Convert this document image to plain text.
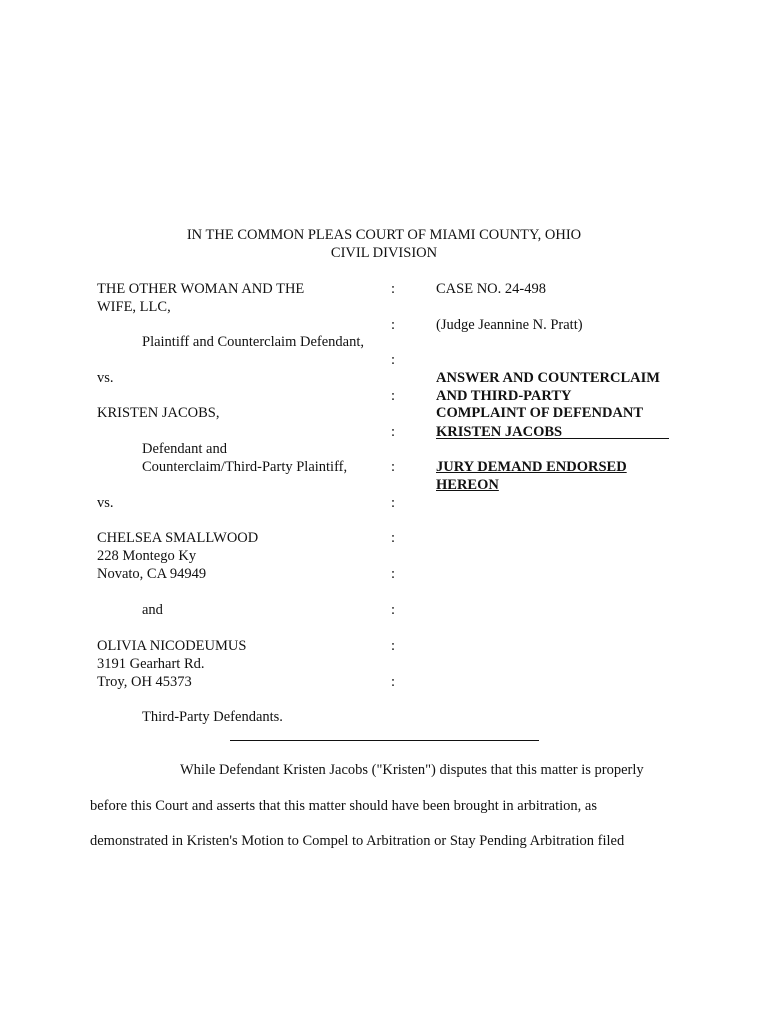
IN THE COMMON PLEAS COURT OF MIAMI COUNTY, OHIO
CIVIL DIVISION
THE OTHER WOMAN AND THE
WIFE, LLC,
Plaintiff and Counterclaim Defendant,
vs.
KRISTEN JACOBS,
Defendant and
Counterclaim/Third-Party Plaintiff,
vs.
CHELSEA SMALLWOOD
228 Montego Ky
Novato, CA 94949
and
OLIVIA NICODEUMUS
3191 Gearhart Rd.
Troy, OH 45373
Third-Party Defendants.
:
:
:
:
:
:
:
:
:
:
:
:
CASE NO. 24-498
(Judge Jeannine N. Pratt)
ANSWER AND COUNTERCLAIM
AND THIRD-PARTY
COMPLAINT OF DEFENDANT
KRISTEN JACOBS
JURY DEMAND ENDORSED
HEREON
While Defendant Kristen Jacobs ("Kristen") disputes that this matter is properly
before this Court and asserts that this matter should have been brought in arbitration, as
demonstrated in Kristen's Motion to Compel to Arbitration or Stay Pending Arbitration filed
